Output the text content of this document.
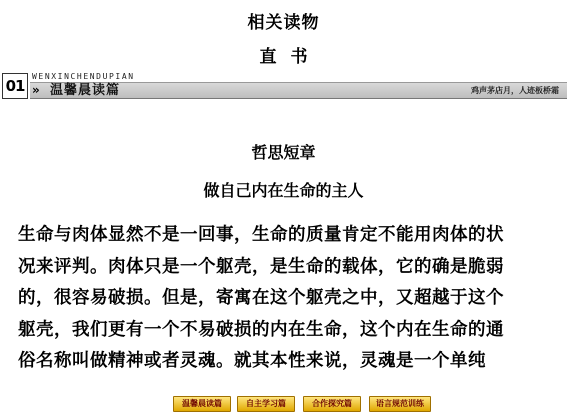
相关读物
直书
01
WENXINCHENDUPIAN
» 温馨晨读篇	鸡声茅店月，人迹板桥霜
哲思短章
做自己内在生命的主人
生命与肉体显然不是一回事，生命的质量肯定不能用肉体的状
况来评判。肉体只是一个躯壳，是生命的载体，它的确是脆弱
的，很容易破损。但是，寄寓在这个躯壳之中，又超越于这个
躯壳，我们更有一个不易破损的内在生命，这个内在生命的通
俗名称叫做精神或者灵魂。就其本性来说，灵魂是一个单纯
温馨晨读篇	自主学习篇	合作探究篇	语言规范训练
